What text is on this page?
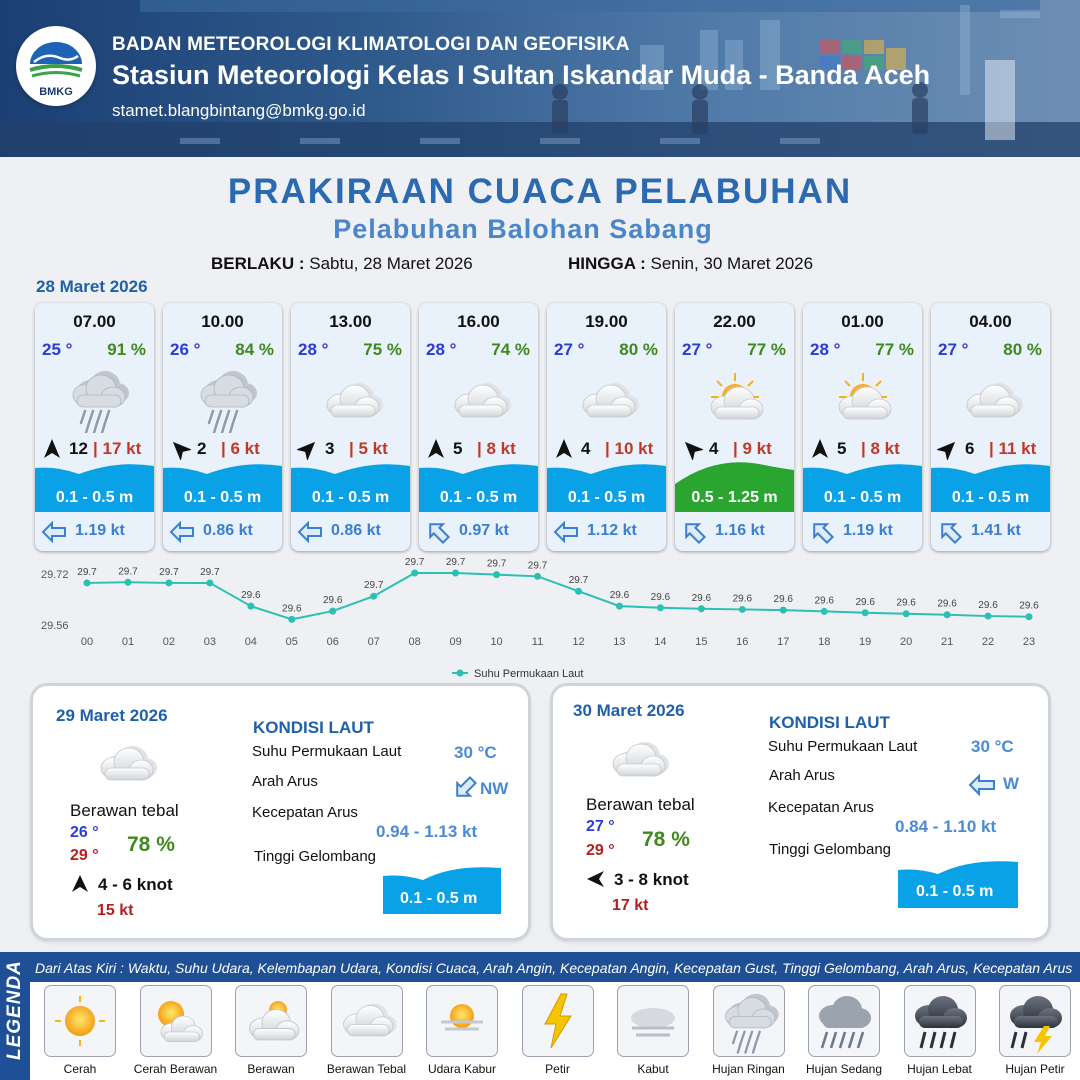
BMKG
BADAN METEOROLOGI KLIMATOLOGI DAN GEOFISIKA
Stasiun Meteorologi Kelas I Sultan Iskandar Muda - Banda Aceh
stamet.blangbintang@bmkg.go.id
PRAKIRAAN CUACA PELABUHAN
Pelabuhan Balohan Sabang
BERLAKU : Sabtu, 28 Maret 2026	HINGGA : Senin, 30 Maret 2026
28 Maret 2026
07.00
25 ° 91 %
12 | 17 kt
0.1 - 0.5 m
1.19 kt
10.00
26 ° 84 %
2 | 6 kt
0.1 - 0.5 m
0.86 kt
13.00
28 ° 75 %
3 | 5 kt
0.1 - 0.5 m
0.86 kt
16.00
28 ° 74 %
5 | 8 kt
0.1 - 0.5 m
0.97 kt
19.00
27 ° 80 %
4 | 10 kt
0.1 - 0.5 m
1.12 kt
22.00
27 ° 77 %
4 | 9 kt
0.5 - 1.25 m
1.16 kt
01.00
28 ° 77 %
5 | 8 kt
0.1 - 0.5 m
1.19 kt
04.00
27 ° 80 %
6 | 11 kt
0.1 - 0.5 m
1.41 kt
29.72
29.56
29.7
00
29.7
01
29.7
02
29.7
03
29.6
04
29.6
05
29.6
06
29.7
07
29.7
08
29.7
09
29.7
10
29.7
11
29.7
12
29.6
13
29.6
14
29.6
15
29.6
16
29.6
17
29.6
18
29.6
19
29.6
20
29.6
21
29.6
22
29.6
23
Suhu Permukaan Laut
29 Maret 2026
Berawan tebal
26 °
29 ° 78 %
4 - 6 knot
15 kt
KONDISI LAUT
Suhu Permukaan Laut	30 °C
Arah Arus	NW
Kecepatan Arus
0.94 - 1.13 kt
Tinggi Gelombang
0.1 - 0.5 m
30 Maret 2026
Berawan tebal
27 °
29 ° 78 %
3 - 8 knot
17 kt
KONDISI LAUT
Suhu Permukaan Laut	30 °C
Arah Arus	W
Kecepatan Arus
0.84 - 1.10 kt
Tinggi Gelombang
0.1 - 0.5 m
LEGENDA Dari Atas Kiri : Waktu, Suhu Udara, Kelembapan Udara, Kondisi Cuaca, Arah Angin, Kecepatan Angin, Kecepatan Gust, Tinggi Gelombang, Arah Arus, Kecepatan Arus
Cerah	Cerah Berawan	Berawan	Berawan Tebal	Udara Kabur	Petir	Kabut	Hujan Ringan	Hujan Sedang	Hujan Lebat	Hujan Petir
